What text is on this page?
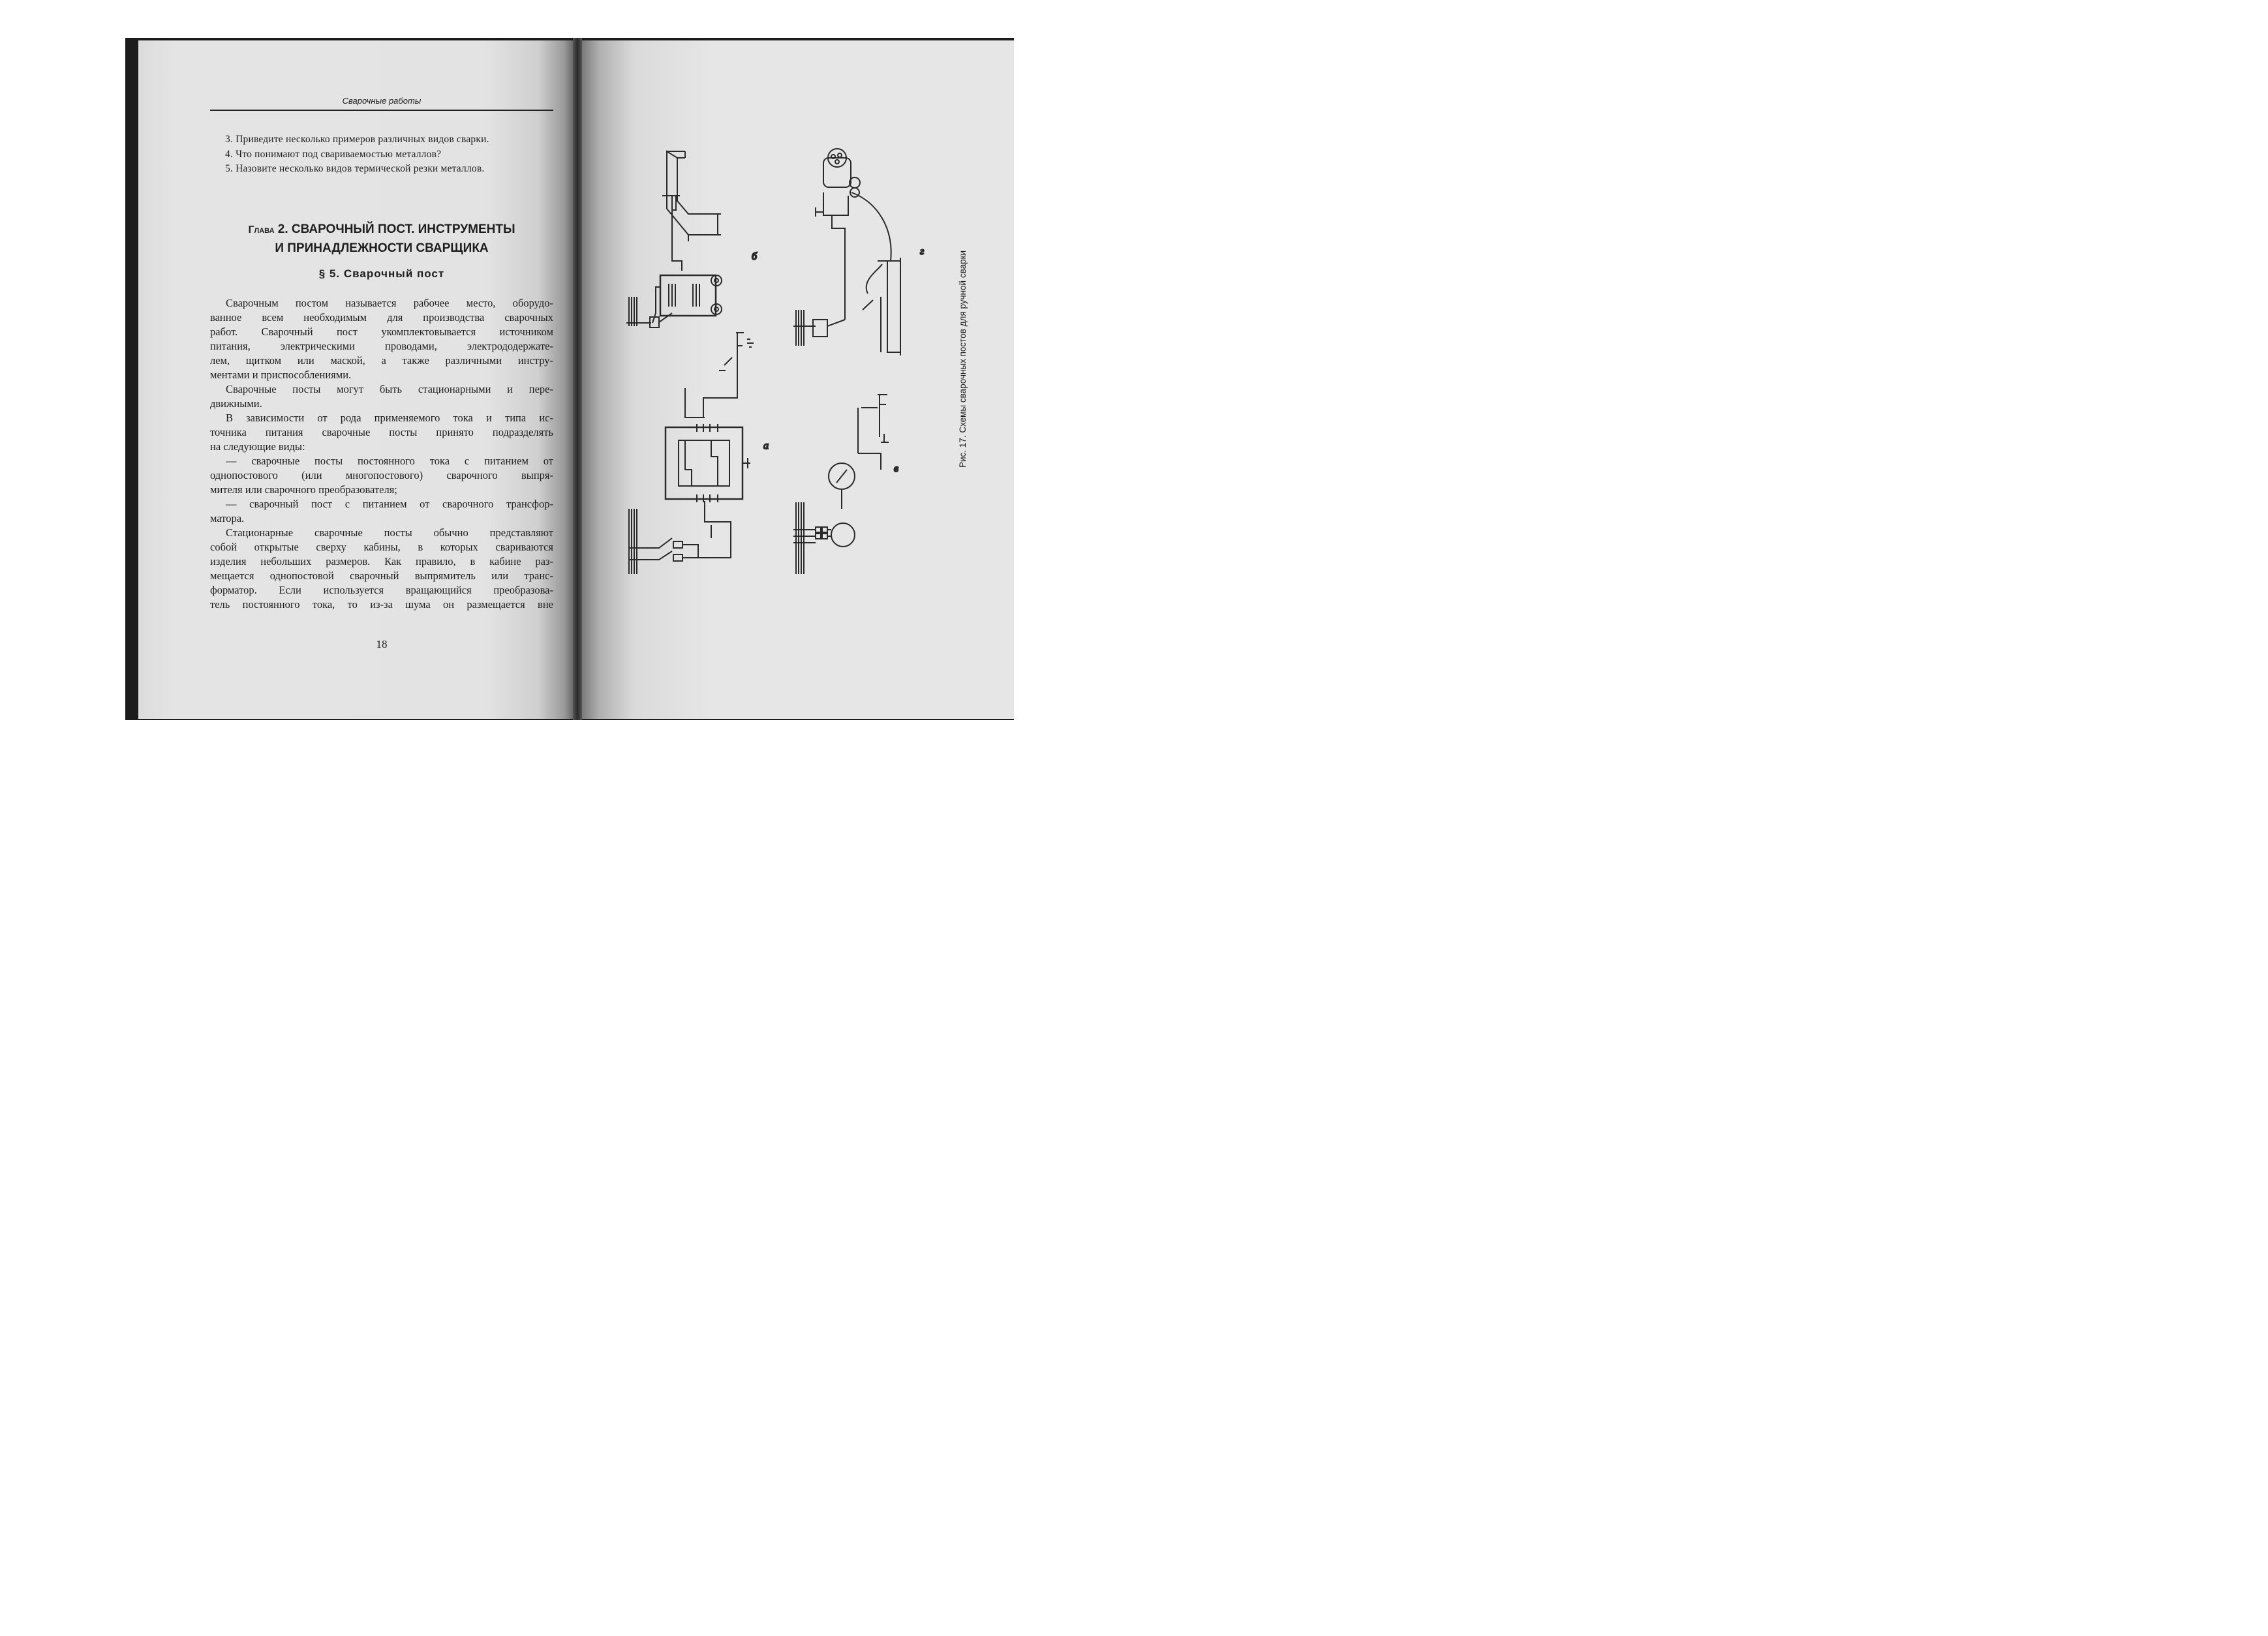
Сварочные работы
3. Приведите несколько примеров различных видов сварки.
4. Что понимают под свариваемостью металлов?
5. Назовите несколько видов термической резки металлов.
Глава 2. СВАРОЧНЫЙ ПОСТ. ИНСТРУМЕНТЫ
И ПРИНАДЛЕЖНОСТИ СВАРЩИКА
§ 5. Сварочный пост
Сварочным постом называется рабочее место, оборудо-
ванное всем необходимым для производства сварочных
работ. Сварочный пост укомплектовывается источником
питания, электрическими проводами, электрододержате-
лем, щитком или маской, а также различными инстру-
ментами и приспособлениями.
Сварочные посты могут быть стационарными и пере-
движными.
В зависимости от рода применяемого тока и типа ис-
точника питания сварочные посты принято подразделять
на следующие виды:
— сварочные посты постоянного тока с питанием от
однопостового (или многопостового) сварочного выпря-
мителя или сварочного преобразователя;
— сварочный пост с питанием от сварочного трансфор-
матора.
Стационарные сварочные посты обычно представляют
собой открытые сверху кабины, в которых свариваются
изделия небольших размеров. Как правило, в кабине раз-
мещается однопостовой сварочный выпрямитель или транс-
форматор. Если используется вращающийся преобразова-
тель постоянного тока, то из-за шума он размещается вне
18
б	г
а
в
Рис. 17. Схемы сварочных постов для ручной сварки
